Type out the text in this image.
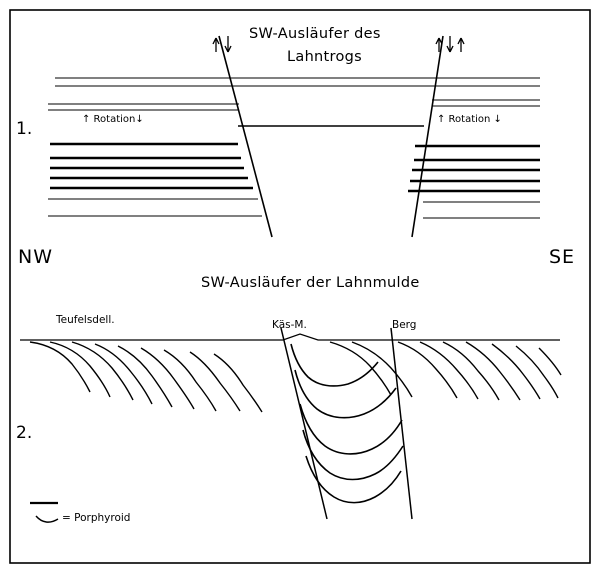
1.
SW-Ausläufer des
Lahntrogs
↑ Rotation↓	↑ Rotation ↓
NW	SE
SW-Ausläufer der Lahnmulde
Teufelsdell.	Käs-M.	Berg
2.
= Porphyroid
